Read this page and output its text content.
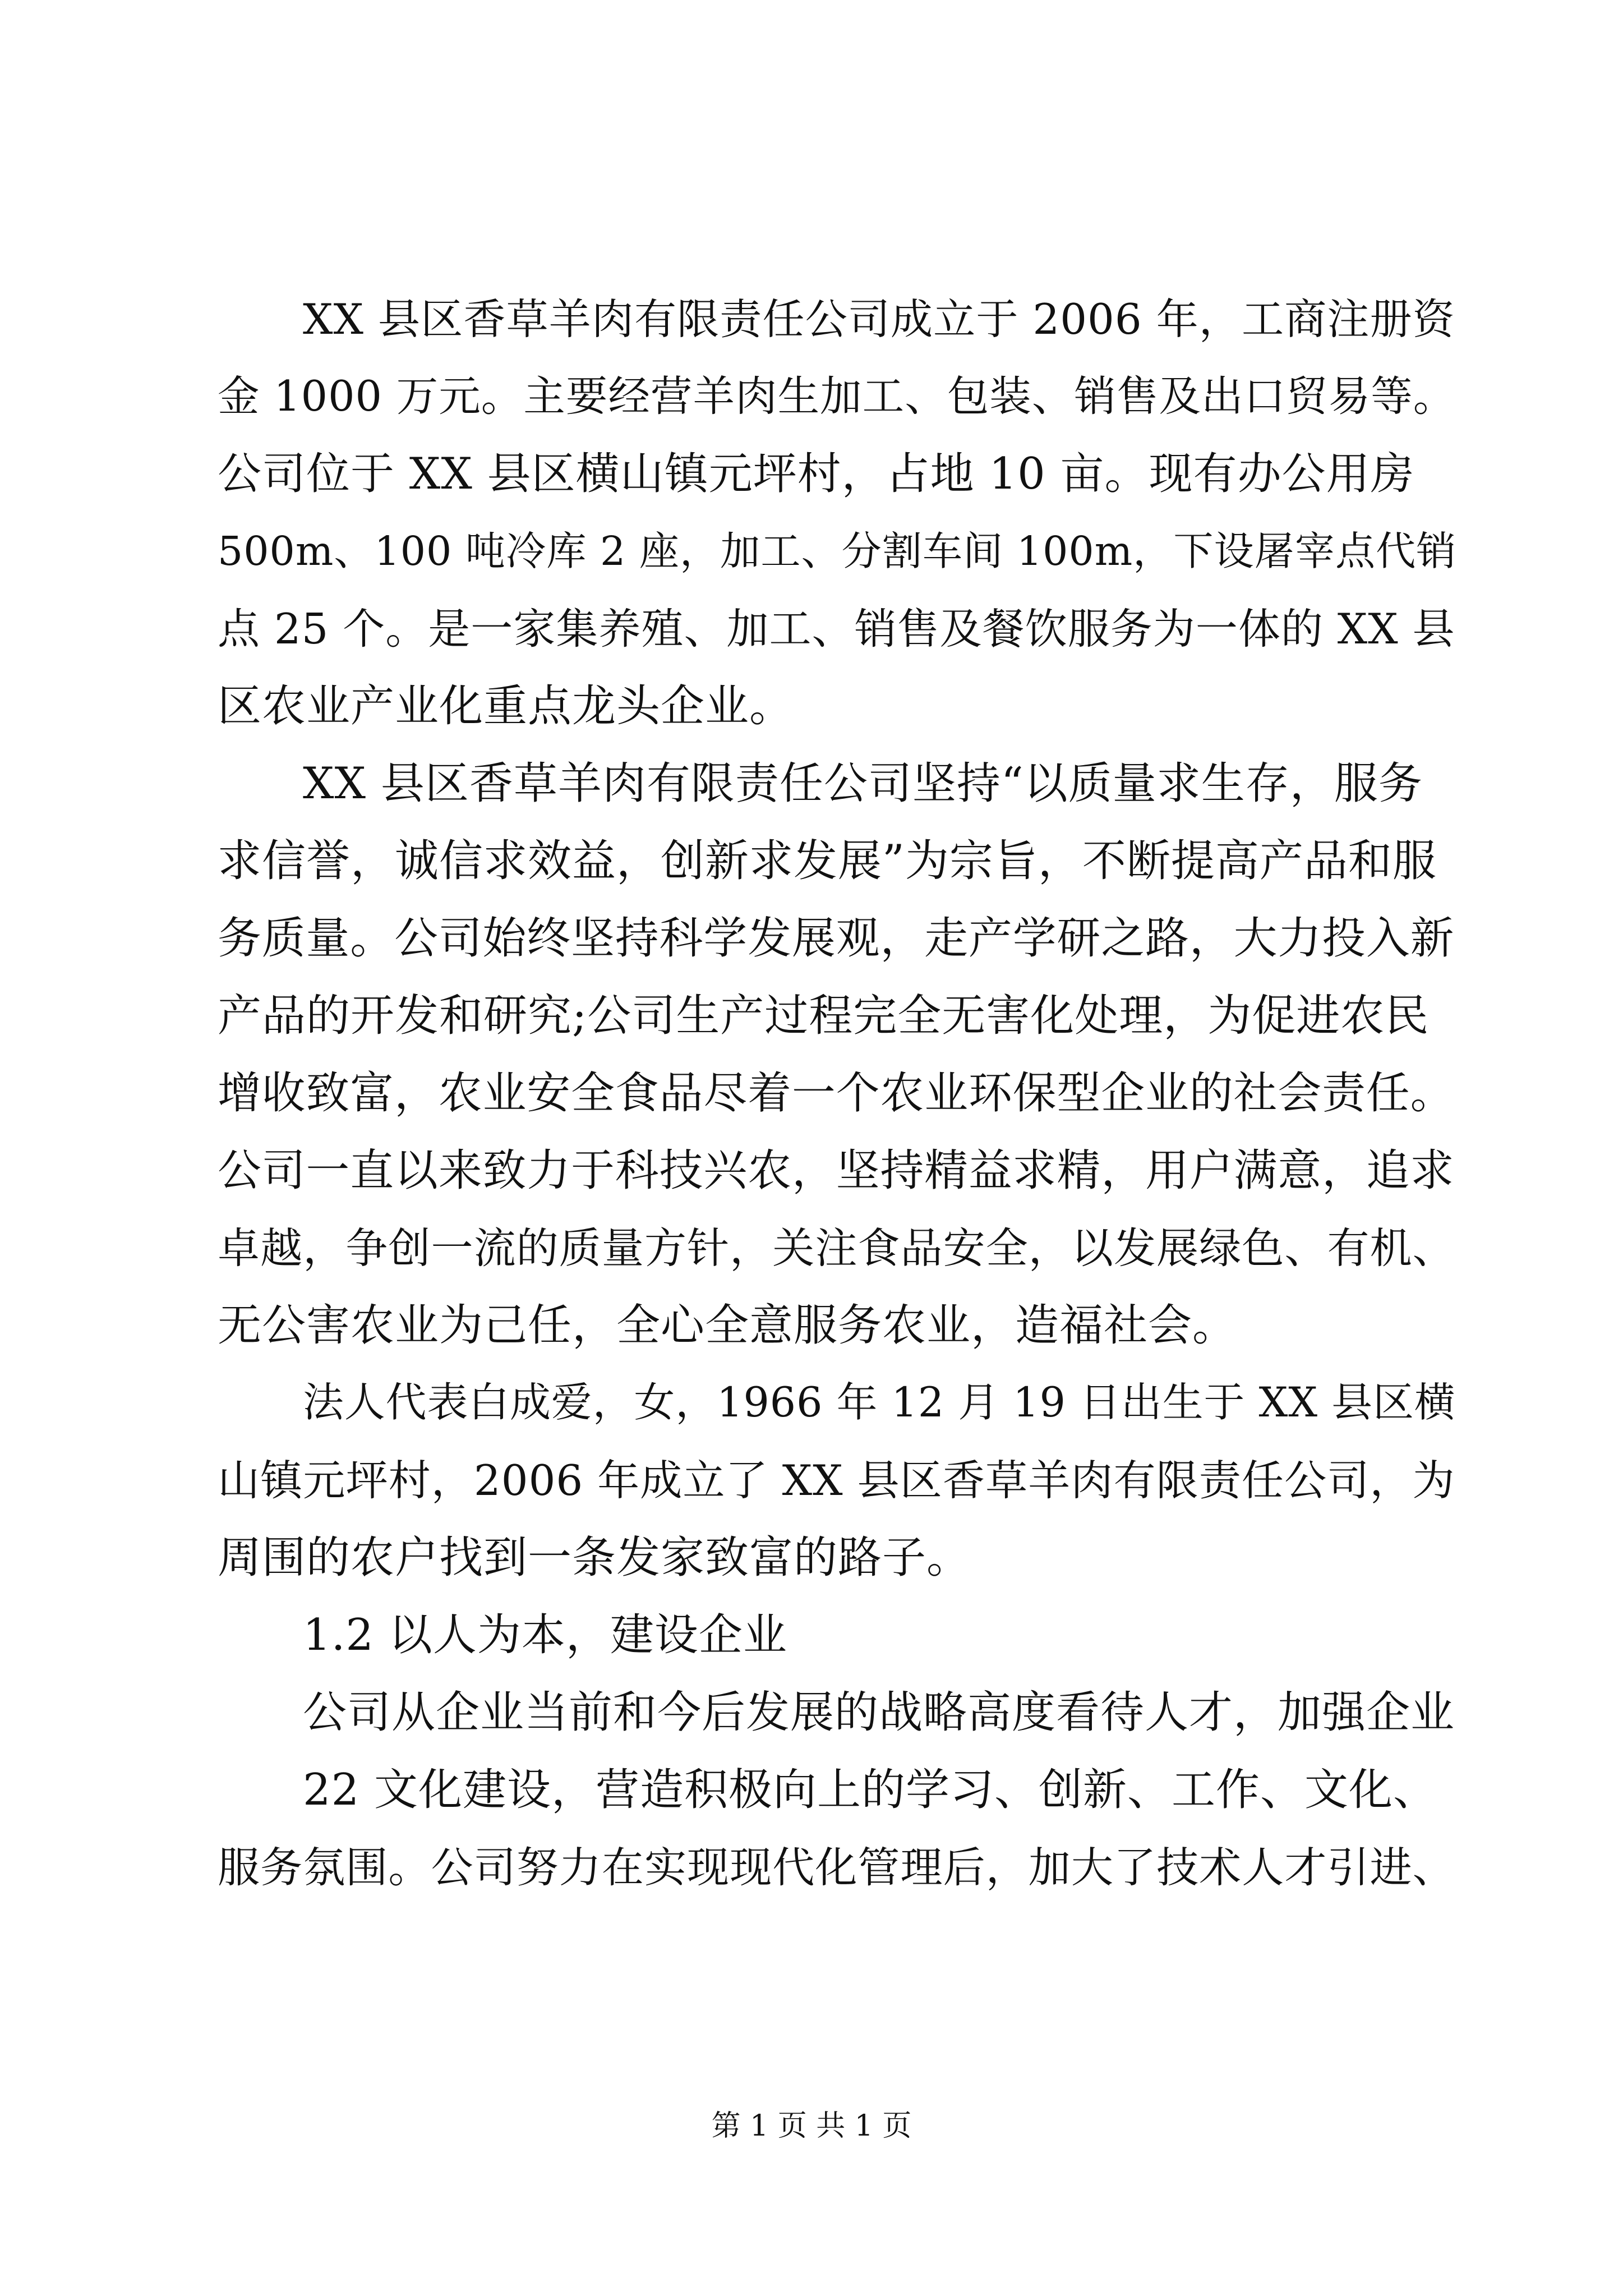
XX 县区香草羊肉有限责任公司成立于 2006 年，工商注册资
金 1000 万元。主要经营羊肉生加工、包装、销售及出口贸易等。
公司位于 XX 县区横山镇元坪村，占地 10 亩。现有办公用房
500m、100 吨冷库 2 座，加工、分割车间 100m，下设屠宰点代销
点 25 个。是一家集养殖、加工、销售及餐饮服务为一体的 XX 县
区农业产业化重点龙头企业。
XX 县区香草羊肉有限责任公司坚持“以质量求生存，服务
求信誉，诚信求效益，创新求发展”为宗旨，不断提高产品和服
务质量。公司始终坚持科学发展观，走产学研之路，大力投入新
产品的开发和研究;公司生产过程完全无害化处理，为促进农民
增收致富，农业安全食品尽着一个农业环保型企业的社会责任。
公司一直以来致力于科技兴农，坚持精益求精，用户满意，追求
卓越，争创一流的质量方针，关注食品安全，以发展绿色、有机、
无公害农业为己任，全心全意服务农业，造福社会。
法人代表白成爱，女，1966 年 12 月 19 日出生于 XX 县区横
山镇元坪村，2006 年成立了 XX 县区香草羊肉有限责任公司，为
周围的农户找到一条发家致富的路子。
1.2 以人为本，建设企业
公司从企业当前和今后发展的战略高度看待人才，加强企业
22 文化建设，营造积极向上的学习、创新、工作、文化、
服务氛围。公司努力在实现现代化管理后，加大了技术人才引进、
第 1 页 共 1 页
